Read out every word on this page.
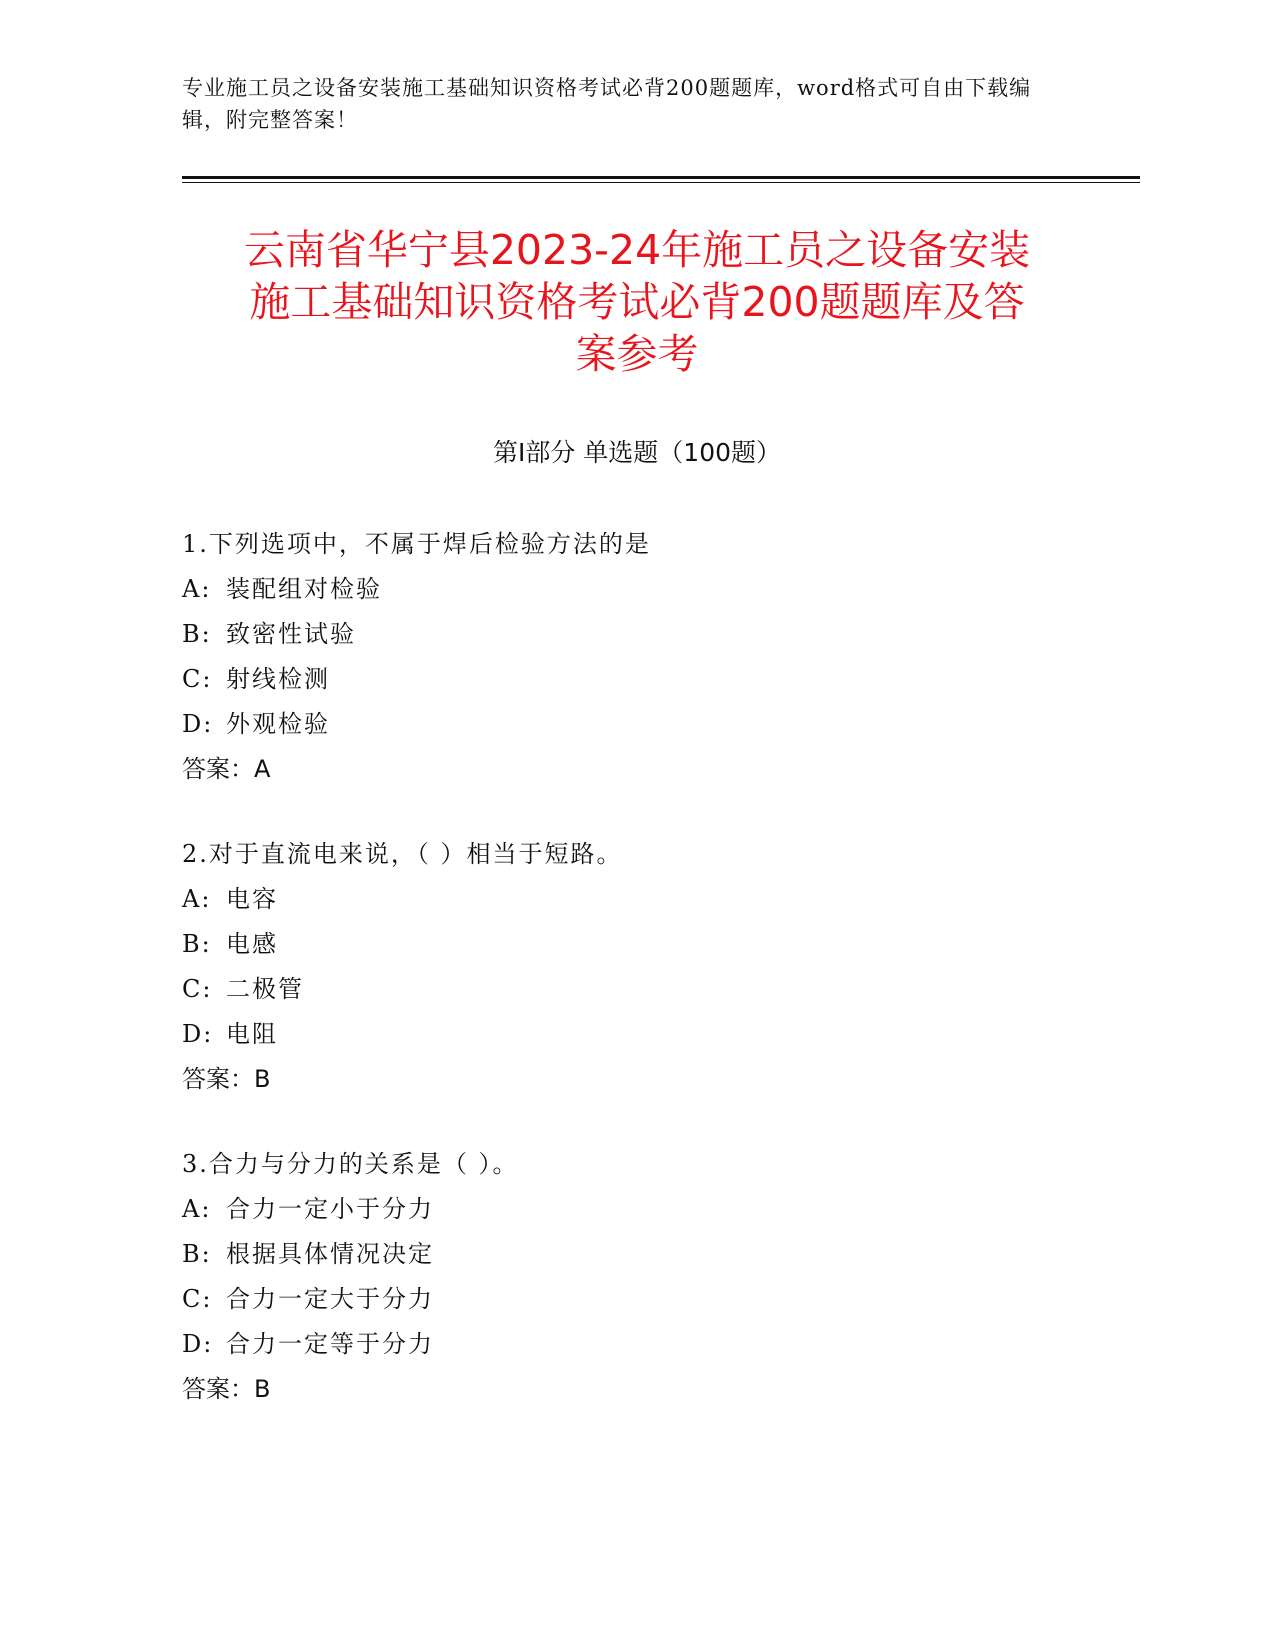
专业施工员之设备安装施工基础知识资格考试必背200题题库，word格式可自由下载编辑，附完整答案！
云南省华宁县2023-24年施工员之设备安装
施工基础知识资格考试必背200题题库及答
案参考
第I部分 单选题（100题）
1.下列选项中，不属于焊后检验方法的是
A: 装配组对检验
B: 致密性试验
C: 射线检测
D: 外观检验
答案：A
2.对于直流电来说，（ ）相当于短路。
A: 电容
B: 电感
C: 二极管
D: 电阻
答案：B
3.合力与分力的关系是（ ）。
A: 合力一定小于分力
B: 根据具体情况决定
C: 合力一定大于分力
D: 合力一定等于分力
答案：B
